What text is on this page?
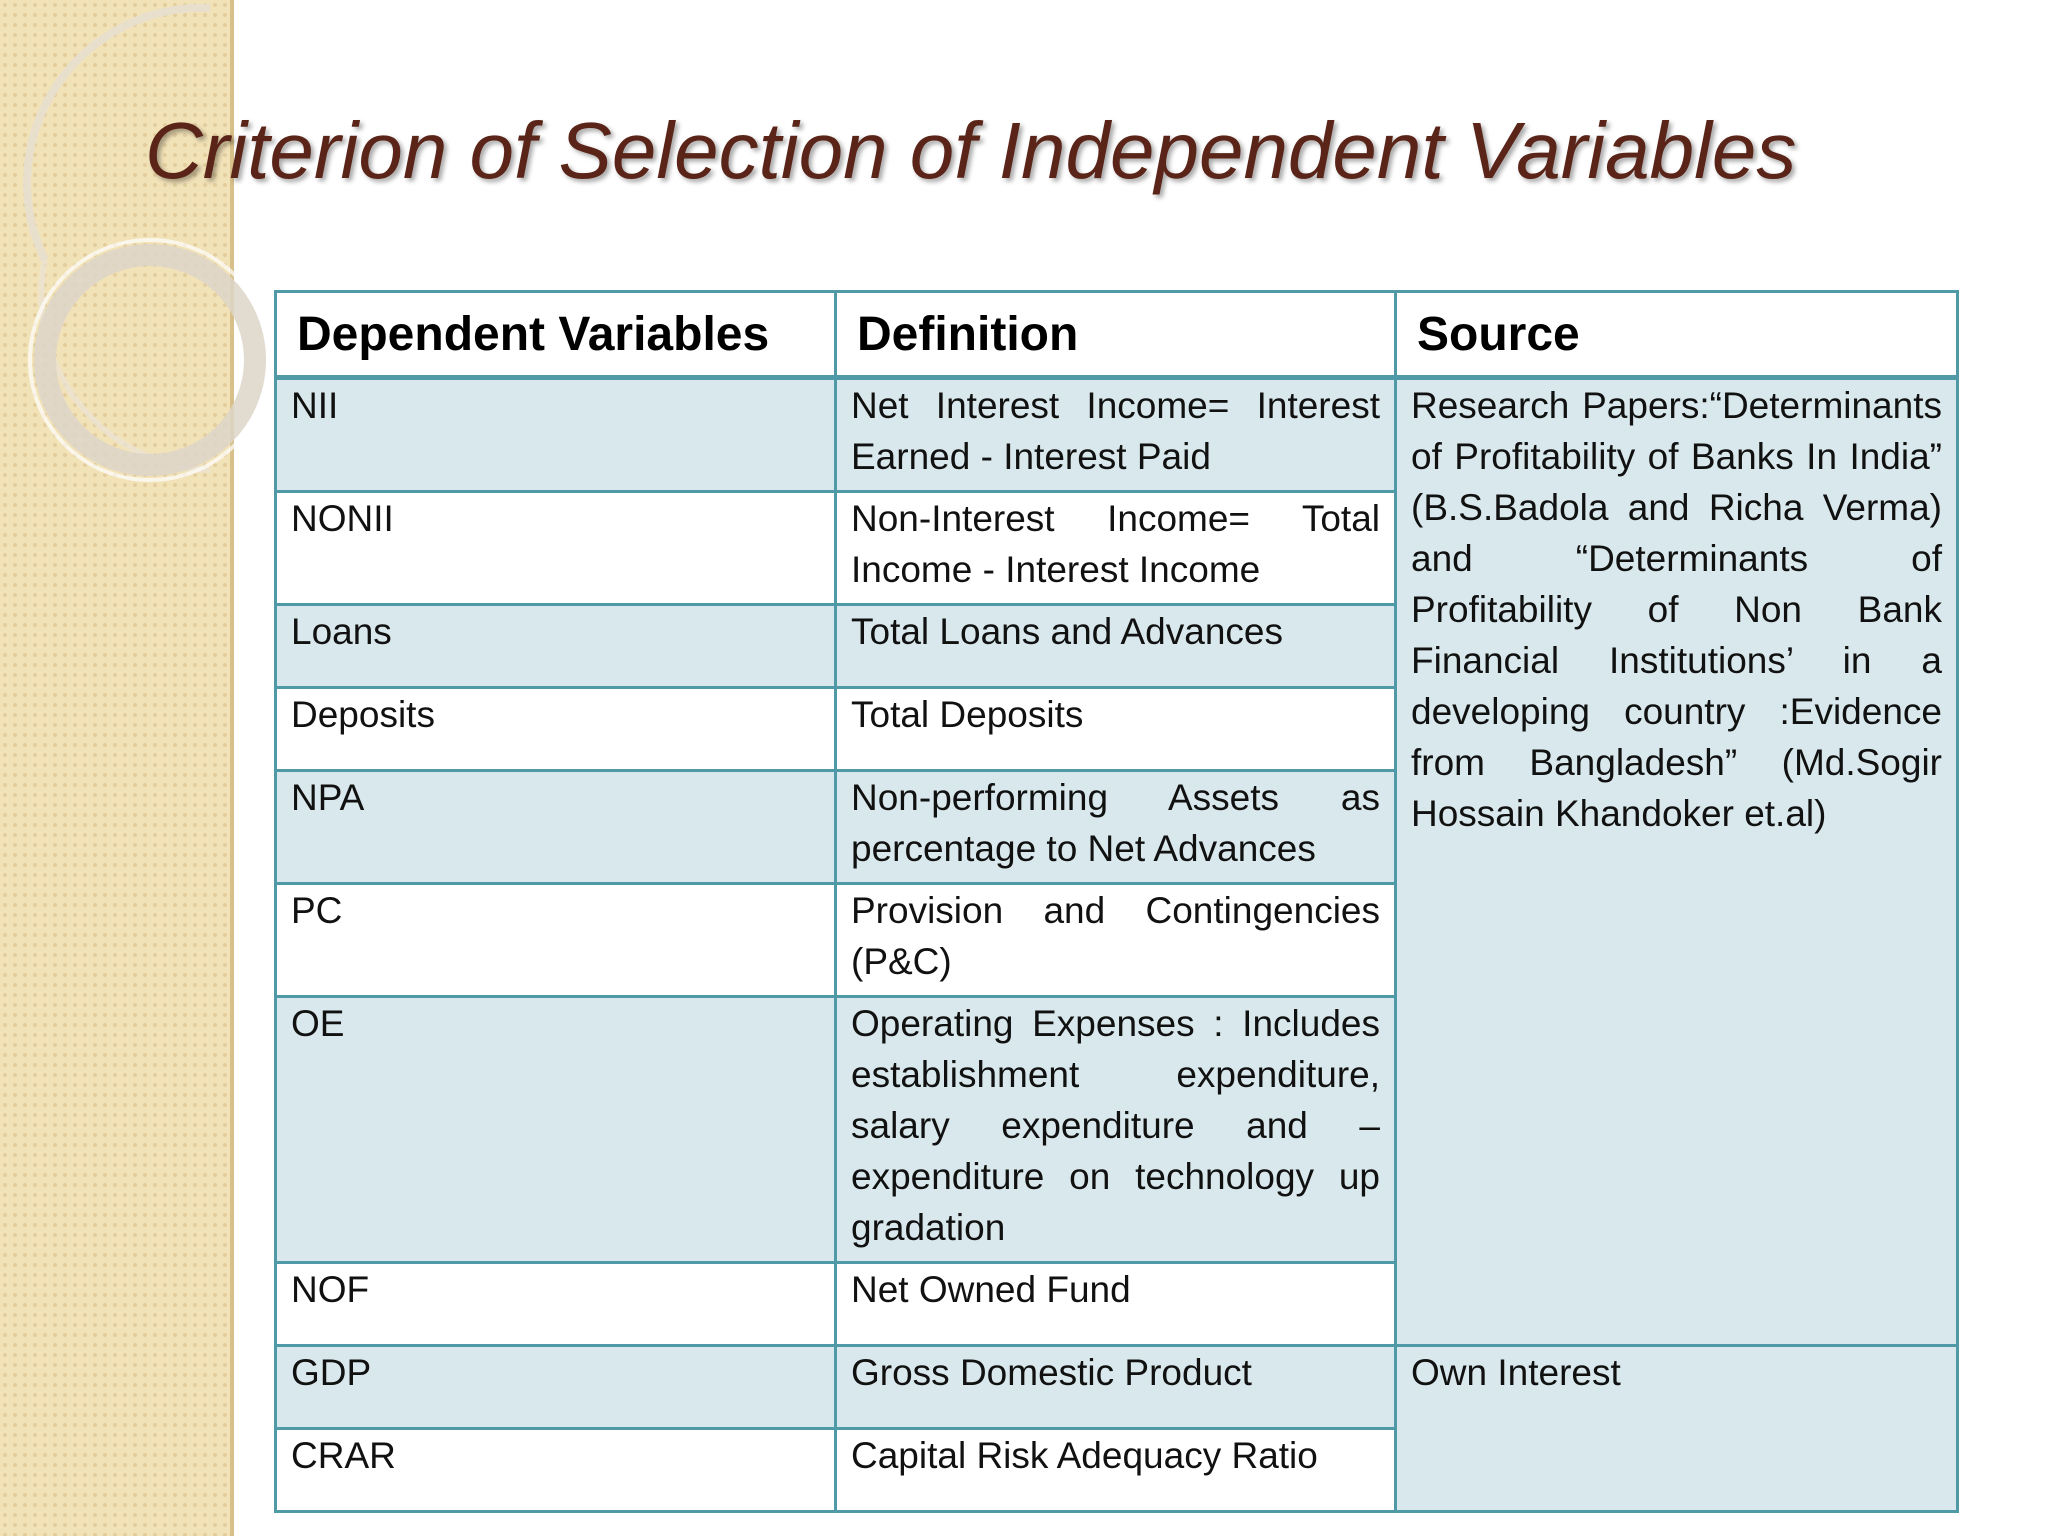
Criterion of Selection of Independent Variables
Dependent Variables	Definition	Source
NII	Net Interest Income= Interest Earned - Interest Paid	Research Papers:“Determinants of Profitability of Banks In India” (B.S.Badola and Richa Verma) and “Determinants of Profitability of Non Bank Financial Institutions’ in a developing country :Evidence from Bangladesh” (Md.Sogir Hossain Khandoker et.al)
NONII	Non-Interest Income= Total Income - Interest Income	
Loans	Total Loans and Advances	
Deposits	Total Deposits	
NPA	Non-performing Assets as percentage to Net Advances	
PC	Provision and Contingencies (P&C)	
OE	Operating Expenses : Includes establishment expenditure, salary expenditure and –expenditure on technology up gradation	
NOF	Net Owned Fund	
GDP	Gross Domestic Product	Own Interest
CRAR	Capital Risk Adequacy Ratio	
